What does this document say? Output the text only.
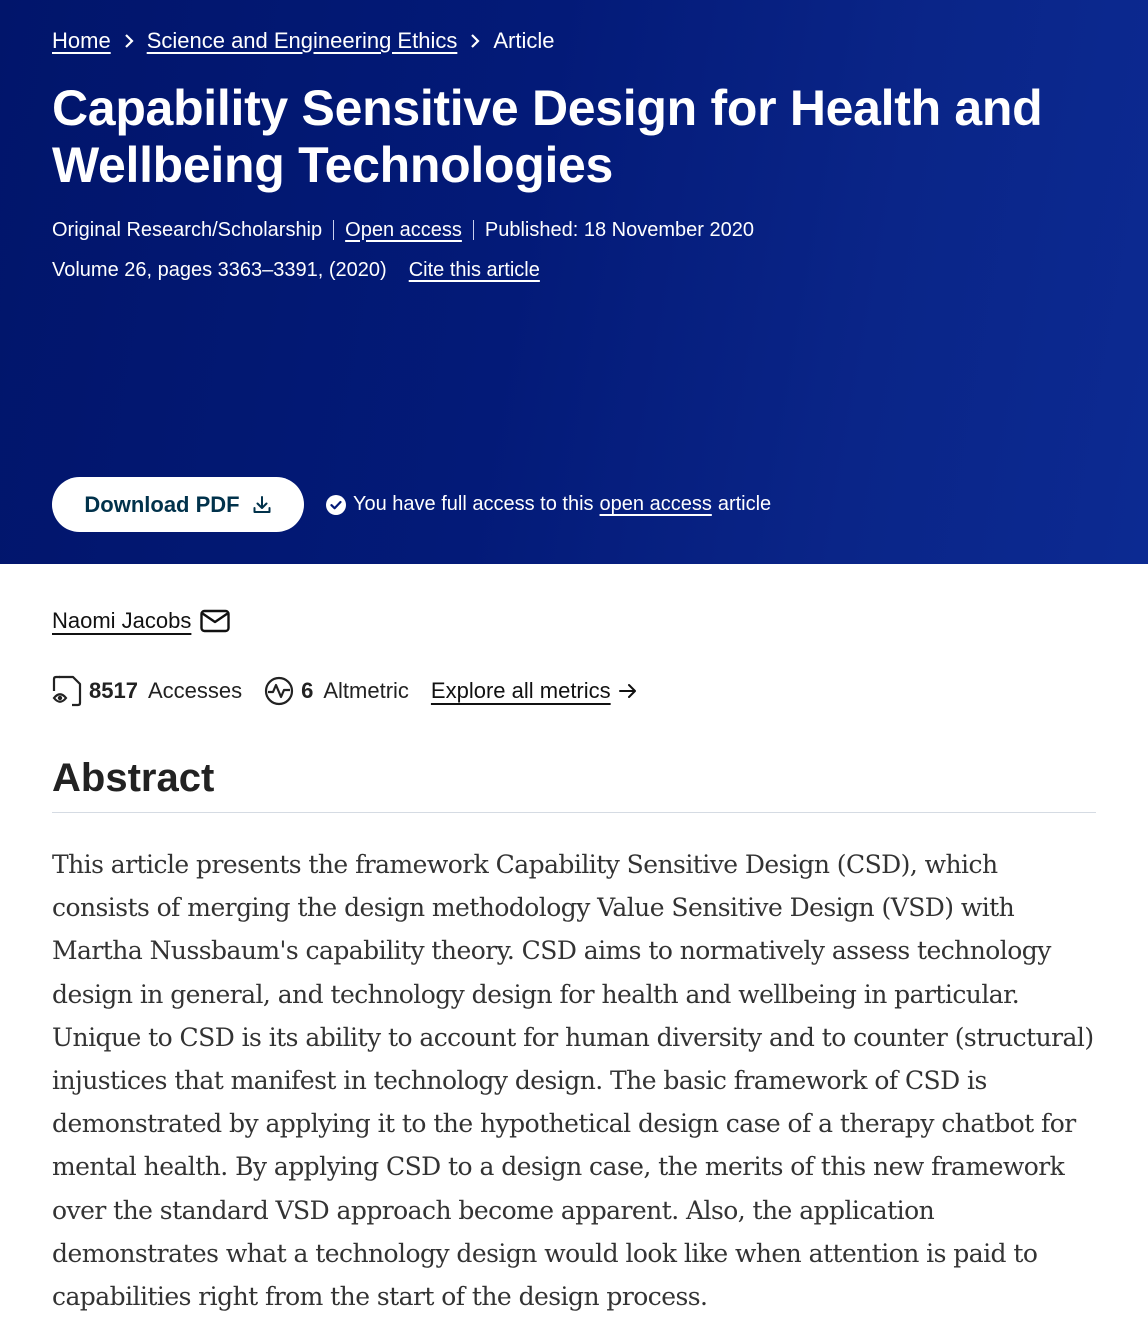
Home Science and Engineering Ethics Article
Capability Sensitive Design for Health and Wellbeing Technologies
Original Research/Scholarship Open access Published: 18 November 2020
Volume 26, pages 3363–3391, (2020) Cite this article
Download PDF	You have full access to this open access article
Naomi Jacobs
8517 Accesses	6 Altmetric Explore all metrics
Abstract

This article presents the framework Capability Sensitive Design (CSD), which consists of merging the design methodology Value Sensitive Design (VSD) with Martha Nussbaum's capability theory. CSD aims to normatively assess technology design in general, and technology design for health and wellbeing in particular. Unique to CSD is its ability to account for human diversity and to counter (structural) injustices that manifest in technology design. The basic framework of CSD is demonstrated by applying it to the hypothetical design case of a therapy chatbot for mental health. By applying CSD to a design case, the merits of this new framework over the standard VSD approach become apparent. Also, the application demonstrates what a technology design would look like when attention is paid to capabilities right from the start of the design process.
